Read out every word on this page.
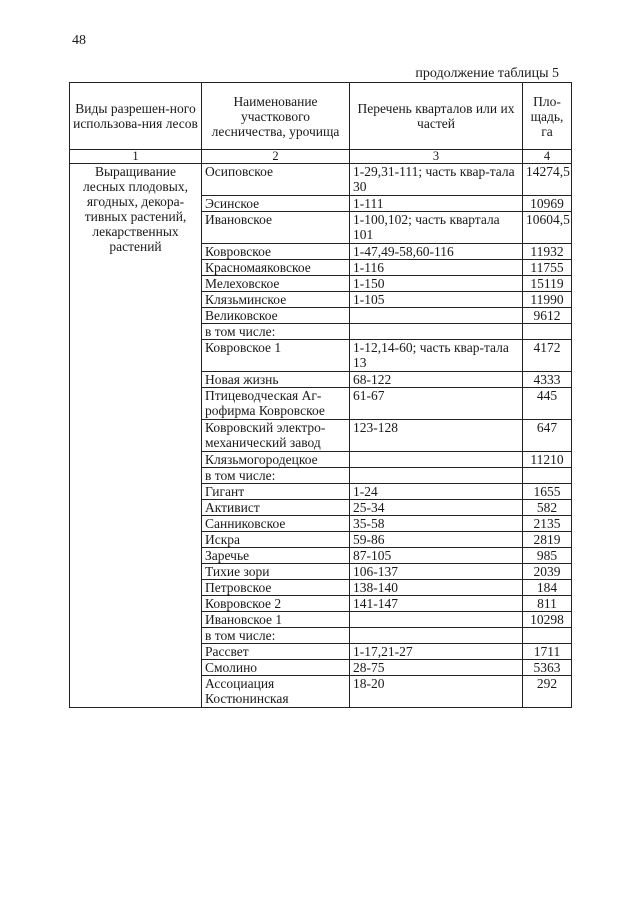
48
продолжение таблицы 5
Виды разрешен-ного использова-ния лесов	Наименование участкового лесничества, урочища	Перечень кварталов или их частей	Пло-щадь, га
1	2	3	4
Выращивание лесных плодовых, ягодных, декора-тивных растений, лекарственных растений	Осиповское	1-29,31-111; часть квар-тала 30	14274,5
	Эсинское	1-111	10969
	Ивановское	1-100,102; часть квартала 101	10604,5
	Ковровское	1-47,49-58,60-116	11932
	Красномаяковское	1-116	11755
	Мелеховское	1-150	15119
	Клязьминское	1-105	11990
	Великовское		9612
	в том числе:		
	Ковровское 1	1-12,14-60; часть квар-тала 13	4172
	Новая жизнь	68-122	4333
	Птицеводческая Аг-рофирма Ковровское	61-67	445
	Ковровский электро-механический завод	123-128	647
	Клязьмогородецкое		11210
	в том числе:		
	Гигант	1-24	1655
	Активист	25-34	582
	Санниковское	35-58	2135
	Искра	59-86	2819
	Заречье	87-105	985
	Тихие зори	106-137	2039
	Петровское	138-140	184
	Ковровское 2	141-147	811
	Ивановское 1		10298
	в том числе:		
	Рассвет	1-17,21-27	1711
	Смолино	28-75	5363
	Ассоциация Костюнинская	18-20	292
